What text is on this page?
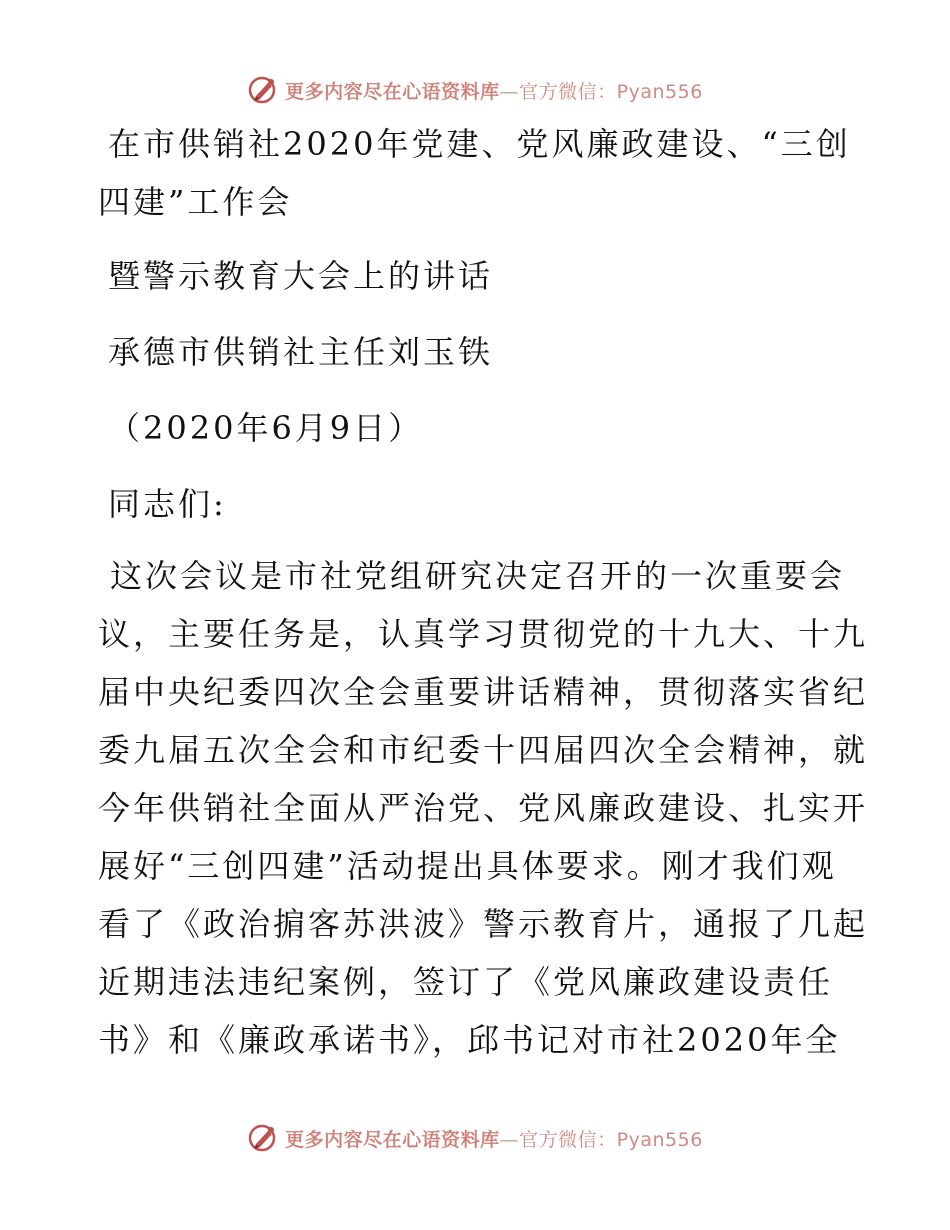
更多内容尽在心语资料库—官方微信：Pyan556

在市供销社2020年党建、党风廉政建设、“三创

四建”工作会

暨警示教育大会上的讲话

承德市供销社主任刘玉铁

（2020年6月9日）

同志们:

这次会议是市社党组研究决定召开的一次重要会

议，主要任务是，认真学习贯彻党的十九大、十九

届中央纪委四次全会重要讲话精神，贯彻落实省纪

委九届五次全会和市纪委十四届四次全会精神，就

今年供销社全面从严治党、党风廉政建设、扎实开

展好“三创四建”活动提出具体要求。刚才我们观

看了《政治掮客苏洪波》警示教育片，通报了几起

近期违法违纪案例，签订了《党风廉政建设责任

书》和《廉政承诺书》，邱书记对市社2020年全

更多内容尽在心语资料库—官方微信：Pyan556
